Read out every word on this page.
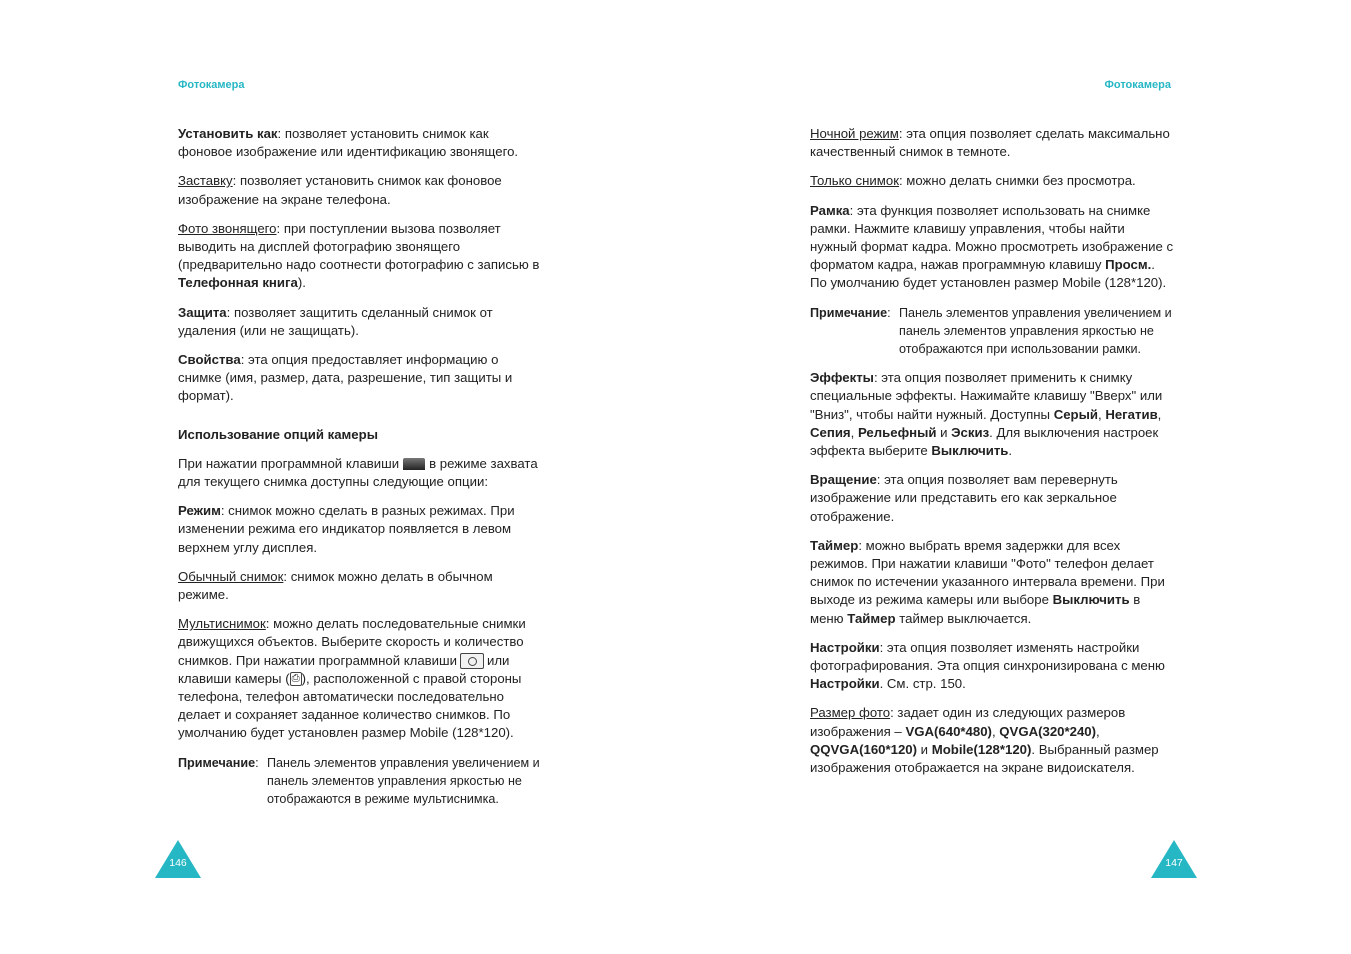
Фотокамера

Установить как: позволяет установить снимок как фоновое изображение или идентификацию звонящего.

Заставку: позволяет установить снимок как фоновое изображение на экране телефона.

Фото звонящего: при поступлении вызова позволяет выводить на дисплей фотографию звонящего (предварительно надо соотнести фотографию с записью в Телефонная книга).

Защита: позволяет защитить сделанный снимок от удаления (или не защищать).

Свойства: эта опция предоставляет информацию о снимке (имя, размер, дата, разрешение, тип защиты и формат).

Использование опций камеры

При нажатии программной клавиши в режиме захвата для текущего снимка доступны следующие опции:

Режим: снимок можно сделать в разных режимах. При изменении режима его индикатор появляется в левом верхнем углу дисплея.

Обычный снимок: снимок можно делать в обычном режиме.

Мультиснимок: можно делать последовательные снимки движущихся объектов. Выберите скорость и количество снимков. При нажатии программной клавиши или клавиши камеры ( ⎙ ), расположенной с правой стороны телефона, телефон автоматически последовательно делает и сохраняет заданное количество снимков. По умолчанию будет установлен размер Mobile (128*120).

Примечание: Панель элементов управления увеличением и панель элементов управления яркостью не отображаются в режиме мультиснимка.
146
Фотокамера

Ночной режим: эта опция позволяет сделать максимально качественный снимок в темноте.

Только снимок: можно делать снимки без просмотра.

Рамка: эта функция позволяет использовать на снимке рамки. Нажмите клавишу управления, чтобы найти нужный формат кадра. Можно просмотреть изображение с форматом кадра, нажав программную клавишу Просм.. По умолчанию будет установлен размер Mobile (128*120).

Примечание: Панель элементов управления увеличением и панель элементов управления яркостью не отображаются при использовании рамки.

Эффекты: эта опция позволяет применить к снимку специальные эффекты. Нажимайте клавишу "Вверх" или "Вниз", чтобы найти нужный. Доступны Серый, Негатив, Сепия, Рельефный и Эскиз. Для выключения настроек эффекта выберите Выключить.

Вращение: эта опция позволяет вам перевернуть изображение или представить его как зеркальное отображение.

Таймер: можно выбрать время задержки для всех режимов. При нажатии клавиши "Фото" телефон делает снимок по истечении указанного интервала времени. При выходе из режима камеры или выборе Выключить в меню Таймер таймер выключается.

Настройки: эта опция позволяет изменять настройки фотографирования. Эта опция синхронизирована с меню Настройки. См. стр. 150.

Размер фото: задает один из следующих размеров изображения – VGA(640*480), QVGA(320*240), QQVGA(160*120) и Mobile(128*120). Выбранный размер изображения отображается на экране видоискателя.

147
